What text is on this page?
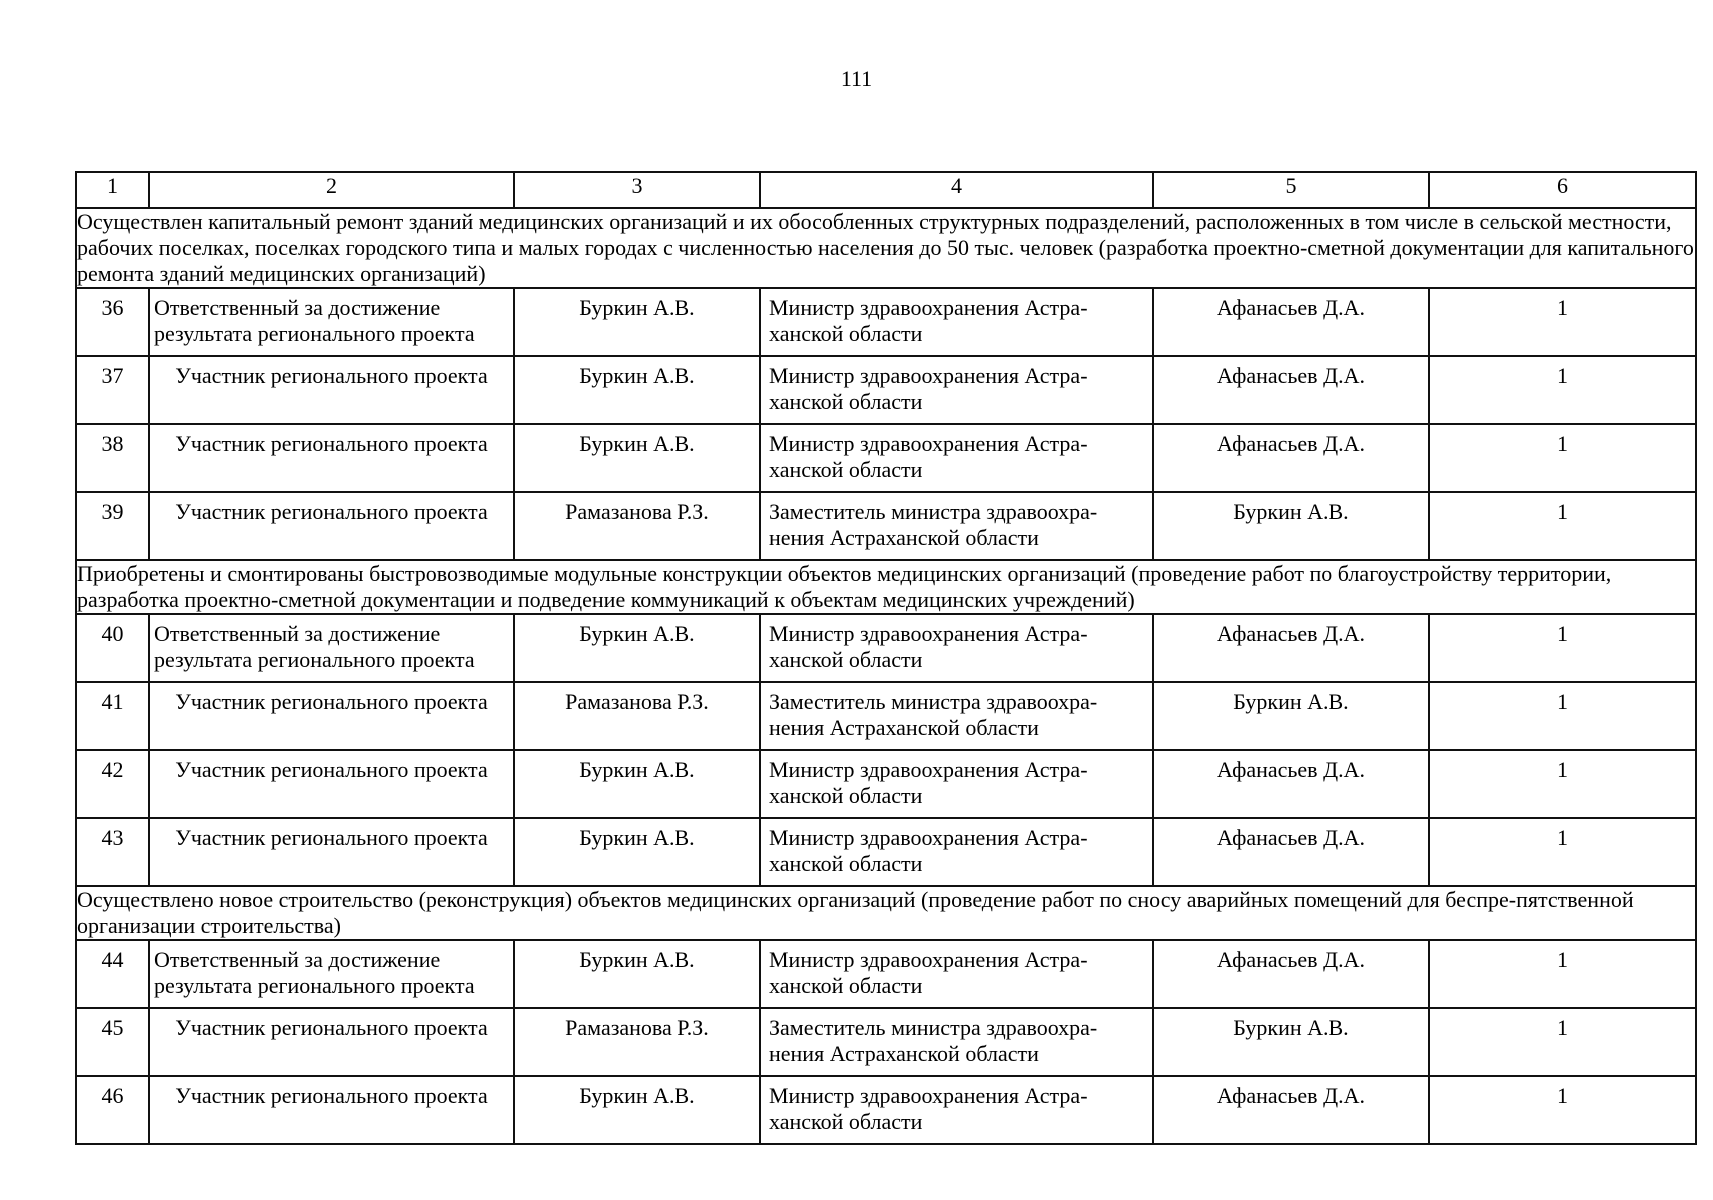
111
1	2	3	4	5	6
Осуществлен капитальный ремонт зданий медицинских организаций и их обособленных структурных подразделений, расположенных в том числе в сельской местности, рабочих поселках, поселках городского типа и малых городах с численностью населения до 50 тыс. человек (разработка проектно-сметной документации для капитального ремонта зданий медицинских организаций)					
36	Ответственный за достижение результата регионального проекта	Буркин А.В.	Министр здравоохранения Астра-ханской области	Афанасьев Д.А.	1
37	Участник регионального проекта	Буркин А.В.	Министр здравоохранения Астра-ханской области	Афанасьев Д.А.	1
38	Участник регионального проекта	Буркин А.В.	Министр здравоохранения Астра-ханской области	Афанасьев Д.А.	1
39	Участник регионального проекта	Рамазанова Р.З.	Заместитель министра здравоохра-нения Астраханской области	Буркин А.В.	1
Приобретены и смонтированы быстровозводимые модульные конструкции объектов медицинских организаций (проведение работ по благоустройству территории, разработка проектно-сметной документации и подведение коммуникаций к объектам медицинских учреждений)					
40	Ответственный за достижение результата регионального проекта	Буркин А.В.	Министр здравоохранения Астра-ханской области	Афанасьев Д.А.	1
41	Участник регионального проекта	Рамазанова Р.З.	Заместитель министра здравоохра-нения Астраханской области	Буркин А.В.	1
42	Участник регионального проекта	Буркин А.В.	Министр здравоохранения Астра-ханской области	Афанасьев Д.А.	1
43	Участник регионального проекта	Буркин А.В.	Министр здравоохранения Астра-ханской области	Афанасьев Д.А.	1
Осуществлено новое строительство (реконструкция) объектов медицинских организаций (проведение работ по сносу аварийных помещений для беспре-пятственной организации строительства)					
44	Ответственный за достижение результата регионального проекта	Буркин А.В.	Министр здравоохранения Астра-ханской области	Афанасьев Д.А.	1
45	Участник регионального проекта	Рамазанова Р.З.	Заместитель министра здравоохра-нения Астраханской области	Буркин А.В.	1
46	Участник регионального проекта	Буркин А.В.	Министр здравоохранения Астра-ханской области	Афанасьев Д.А.	1
